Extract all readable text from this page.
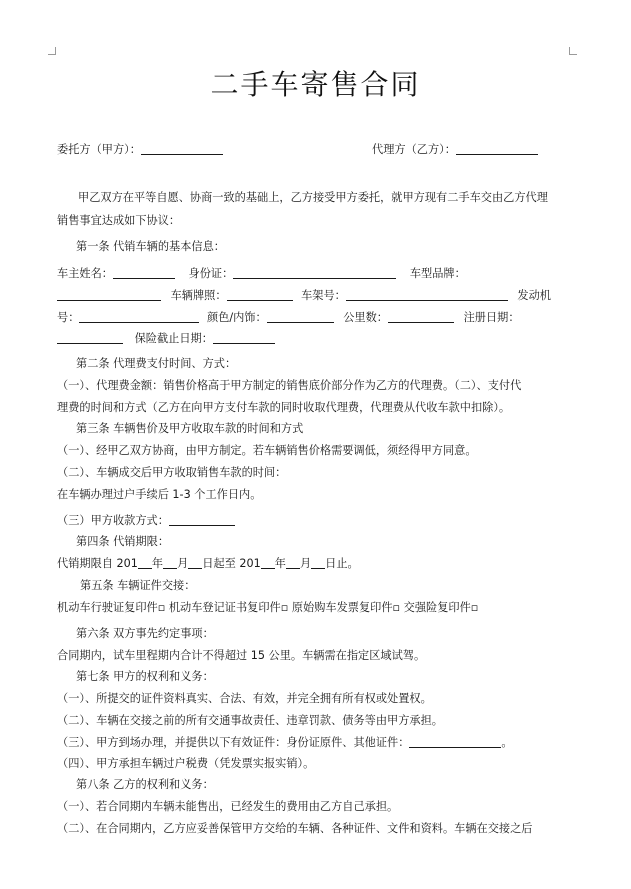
二手车寄售合同
委托方（甲方）：	代理方（乙方）：
甲乙双方在平等自愿、协商一致的基础上，乙方接受甲方委托，就甲方现有二手车交由乙方代理
销售事宜达成如下协议：
第一条 代销车辆的基本信息：
车主姓名：	身份证：	车型品牌：
车辆牌照：	车架号：	发动机
号：	颜色/内饰：	公里数：	注册日期：
保险截止日期：
第二条 代理费支付时间、方式：
（一）、代理费金额：销售价格高于甲方制定的销售底价部分作为乙方的代理费。（二）、支付代
理费的时间和方式（乙方在向甲方支付车款的同时收取代理费，代理费从代收车款中扣除）。
第三条 车辆售价及甲方收取车款的时间和方式
（一）、经甲乙双方协商，由甲方制定。若车辆销售价格需要调低，须经得甲方同意。
（二）、车辆成交后甲方收取销售车款的时间：
在车辆办理过户手续后 1-3 个工作日内。
（三）甲方收款方式：
第四条 代销期限：
代销期限自 201 年 月 日起至 201 年 月 日止。
第五条 车辆证件交接：
机动车行驶证复印件▫ 机动车登记证书复印件▫ 原始购车发票复印件▫ 交强险复印件▫
第六条 双方事先约定事项：
合同期内，试车里程期内合计不得超过 15 公里。车辆需在指定区域试驾。
第七条 甲方的权利和义务：
（一）、所提交的证件资料真实、合法、有效，并完全拥有所有权或处置权。
（二）、车辆在交接之前的所有交通事故责任、违章罚款、债务等由甲方承担。
（三）、甲方到场办理，并提供以下有效证件：身份证原件、其他证件：	。
（四）、甲方承担车辆过户税费（凭发票实报实销）。
第八条 乙方的权利和义务：
（一）、若合同期内车辆未能售出，已经发生的费用由乙方自己承担。
（二）、在合同期内，乙方应妥善保管甲方交给的车辆、各种证件、文件和资料。车辆在交接之后
